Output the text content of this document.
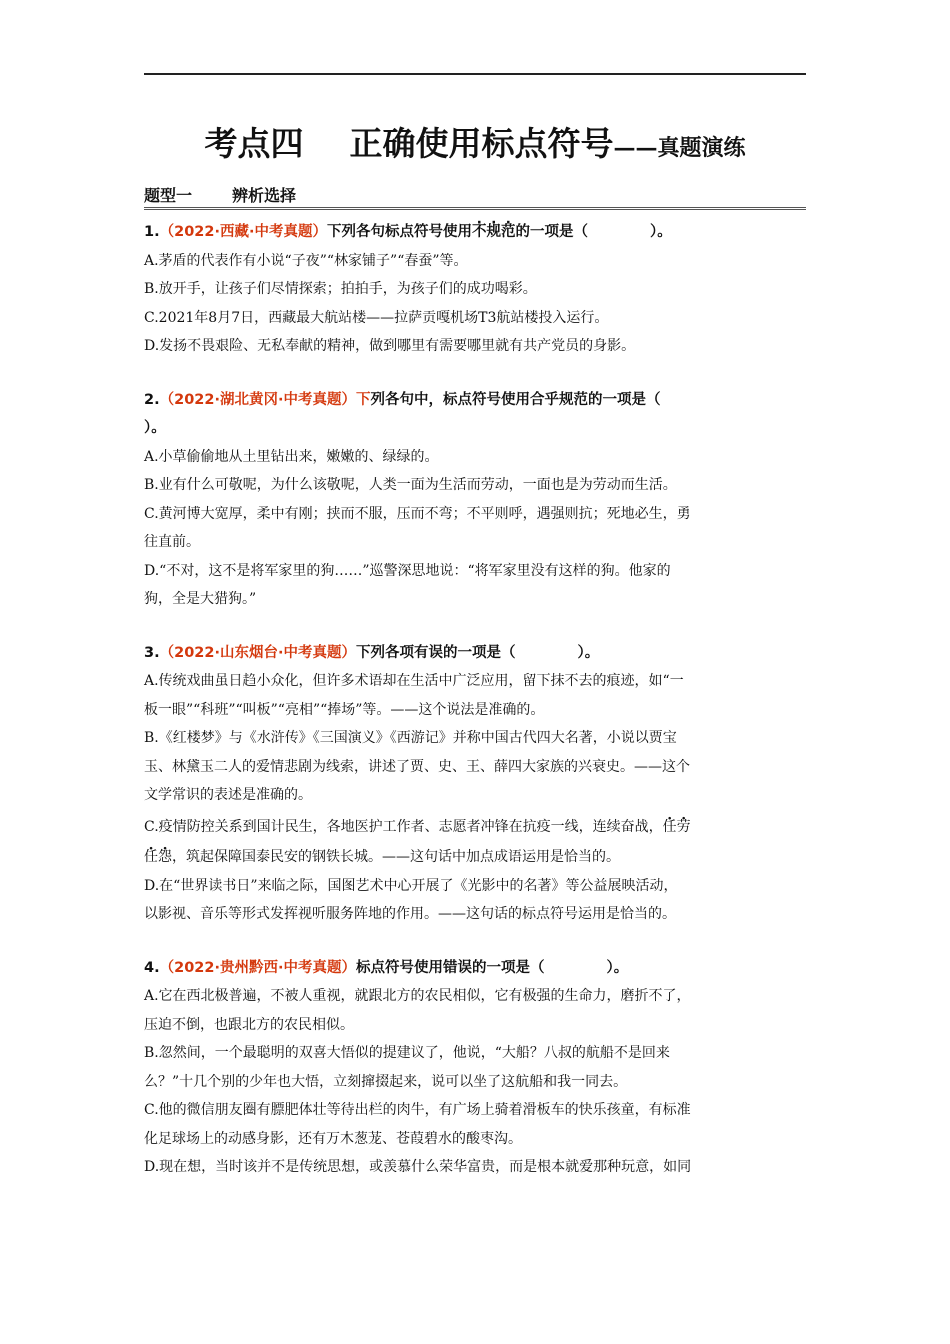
考点四 正确使用标点符号——真题演练
题型一	辨析选择
1.（2022·西藏·中考真题）下列各句标点符号使用不规范的一项是（	）。
A.茅盾的代表作有小说“子夜”“林家铺子”“春蚕”等。
B.放开手，让孩子们尽情探索；拍拍手，为孩子们的成功喝彩。
C.2021年8月7日，西藏最大航站楼——拉萨贡嘎机场T3航站楼投入运行。
D.发扬不畏艰险、无私奉献的精神，做到哪里有需要哪里就有共产党员的身影。
2.（2022·湖北黄冈·中考真题）下列各句中，标点符号使用合乎规范的一项是（
）。
A.小草偷偷地从土里钻出来，嫩嫩的、绿绿的。
B.业有什么可敬呢，为什么该敬呢，人类一面为生活而劳动，一面也是为劳动而生活。
C.黄河博大宽厚，柔中有刚；挟而不服，压而不弯；不平则呼，遇强则抗；死地必生，勇
往直前。
D.“不对，这不是将军家里的狗……”巡警深思地说：“将军家里没有这样的狗。他家的
狗，全是大猎狗。”
3.（2022·山东烟台·中考真题）下列各项有误的一项是（	）。
A.传统戏曲虽日趋小众化，但许多术语却在生活中广泛应用，留下抹不去的痕迹，如“一
板一眼”“科班”“叫板”“亮相”“捧场”等。——这个说法是准确的。
B.《红楼梦》与《水浒传》《三国演义》《西游记》并称中国古代四大名著，小说以贾宝
玉、林黛玉二人的爱情悲剧为线索，讲述了贾、史、王、薛四大家族的兴衰史。——这个
文学常识的表述是准确的。
C.疫情防控关系到国计民生，各地医护工作者、志愿者冲锋在抗疫一线，连续奋战，任劳
任怨，筑起保障国泰民安的钢铁长城。——这句话中加点成语运用是恰当的。
D.在“世界读书日”来临之际，国图艺术中心开展了《光影中的名著》等公益展映活动，
以影视、音乐等形式发挥视听服务阵地的作用。——这句话的标点符号运用是恰当的。
4.（2022·贵州黔西·中考真题）标点符号使用错误的一项是（	）。
A.它在西北极普遍，不被人重视，就跟北方的农民相似，它有极强的生命力，磨折不了，
压迫不倒，也跟北方的农民相似。
B.忽然间，一个最聪明的双喜大悟似的提建议了，他说，“大船？八叔的航船不是回来
么？”十几个别的少年也大悟，立刻撺掇起来，说可以坐了这航船和我一同去。
C.他的微信朋友圈有膘肥体壮等待出栏的肉牛，有广场上骑着滑板车的快乐孩童，有标准
化足球场上的动感身影，还有万木葱茏、苍葭碧水的酸枣沟。
D.现在想，当时该并不是传统思想，或羡慕什么荣华富贵，而是根本就爱那种玩意，如同
